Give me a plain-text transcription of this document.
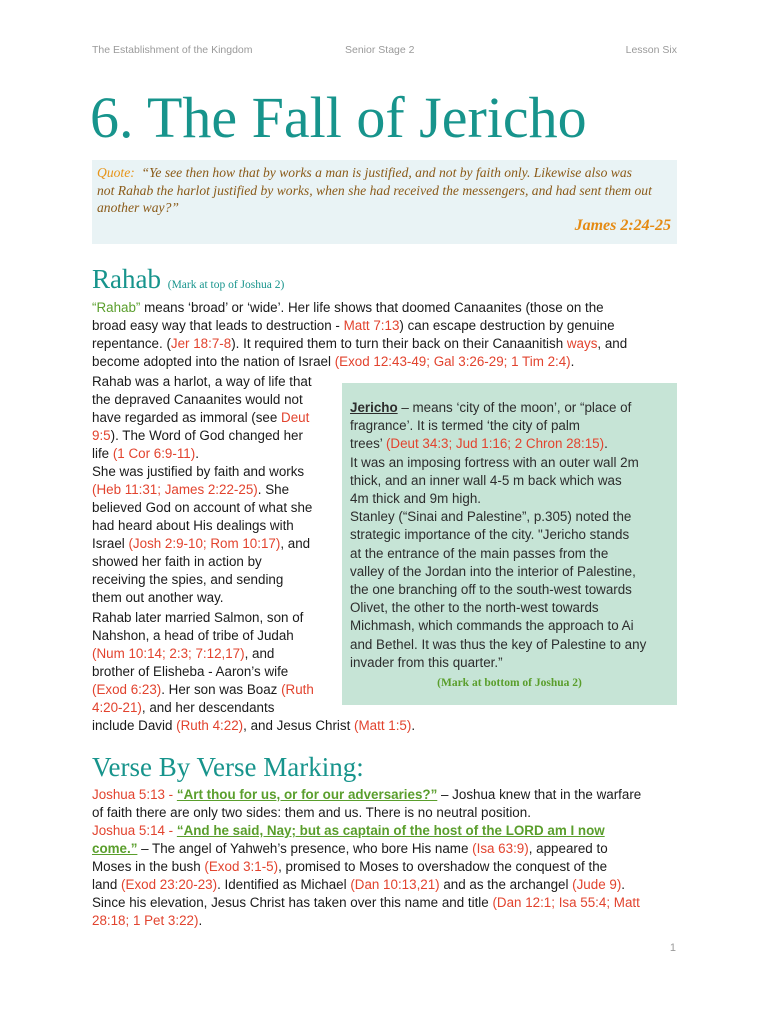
The Establishment of the Kingdom	Senior Stage 2	Lesson Six
6. The Fall of Jericho
Quote: “Ye see then how that by works a man is justified, and not by faith only. Likewise also was
not Rahab the harlot justified by works, when she had received the messengers, and had sent them out
another way?”
James 2:24-25
Rahab (Mark at top of Joshua 2)
“Rahab” means ‘broad’ or ‘wide’. Her life shows that doomed Canaanites (those on the
broad easy way that leads to destruction - Matt 7:13) can escape destruction by genuine
repentance. (Jer 18:7-8). It required them to turn their back on their Canaanitish ways, and
become adopted into the nation of Israel (Exod 12:43-49; Gal 3:26-29; 1 Tim 2:4).
Rahab was a harlot, a way of life that
the depraved Canaanites would not
have regarded as immoral (see Deut
9:5). The Word of God changed her
life (1 Cor 6:9-11).
She was justified by faith and works
(Heb 11:31; James 2:22-25). She
believed God on account of what she
had heard about His dealings with
Israel (Josh 2:9-10; Rom 10:17), and
showed her faith in action by
receiving the spies, and sending
them out another way.
Rahab later married Salmon, son of
Nahshon, a head of tribe of Judah
(Num 10:14; 2:3; 7:12,17), and
brother of Elisheba - Aaron’s wife
(Exod 6:23). Her son was Boaz (Ruth
4:20-21), and her descendants
include David (Ruth 4:22), and Jesus Christ (Matt 1:5).
Jericho – means ‘city of the moon’, or “place of
fragrance’. It is termed ‘the city of palm
trees’ (Deut 34:3; Jud 1:16; 2 Chron 28:15).
It was an imposing fortress with an outer wall 2m
thick, and an inner wall 4-5 m back which was
4m thick and 9m high.
Stanley (“Sinai and Palestine”, p.305) noted the
strategic importance of the city. "Jericho stands
at the entrance of the main passes from the
valley of the Jordan into the interior of Palestine,
the one branching off to the south-west towards
Olivet, the other to the north-west towards
Michmash, which commands the approach to Ai
and Bethel. It was thus the key of Palestine to any
invader from this quarter.”
(Mark at bottom of Joshua 2)
Verse By Verse Marking:
Joshua 5:13 - “Art thou for us, or for our adversaries?” – Joshua knew that in the warfare
of faith there are only two sides: them and us. There is no neutral position.
Joshua 5:14 - “And he said, Nay; but as captain of the host of the LORD am I now
come.” – The angel of Yahweh’s presence, who bore His name (Isa 63:9), appeared to
Moses in the bush (Exod 3:1-5), promised to Moses to overshadow the conquest of the
land (Exod 23:20-23). Identified as Michael (Dan 10:13,21) and as the archangel (Jude 9).
Since his elevation, Jesus Christ has taken over this name and title (Dan 12:1; Isa 55:4; Matt
28:18; 1 Pet 3:22).
1
